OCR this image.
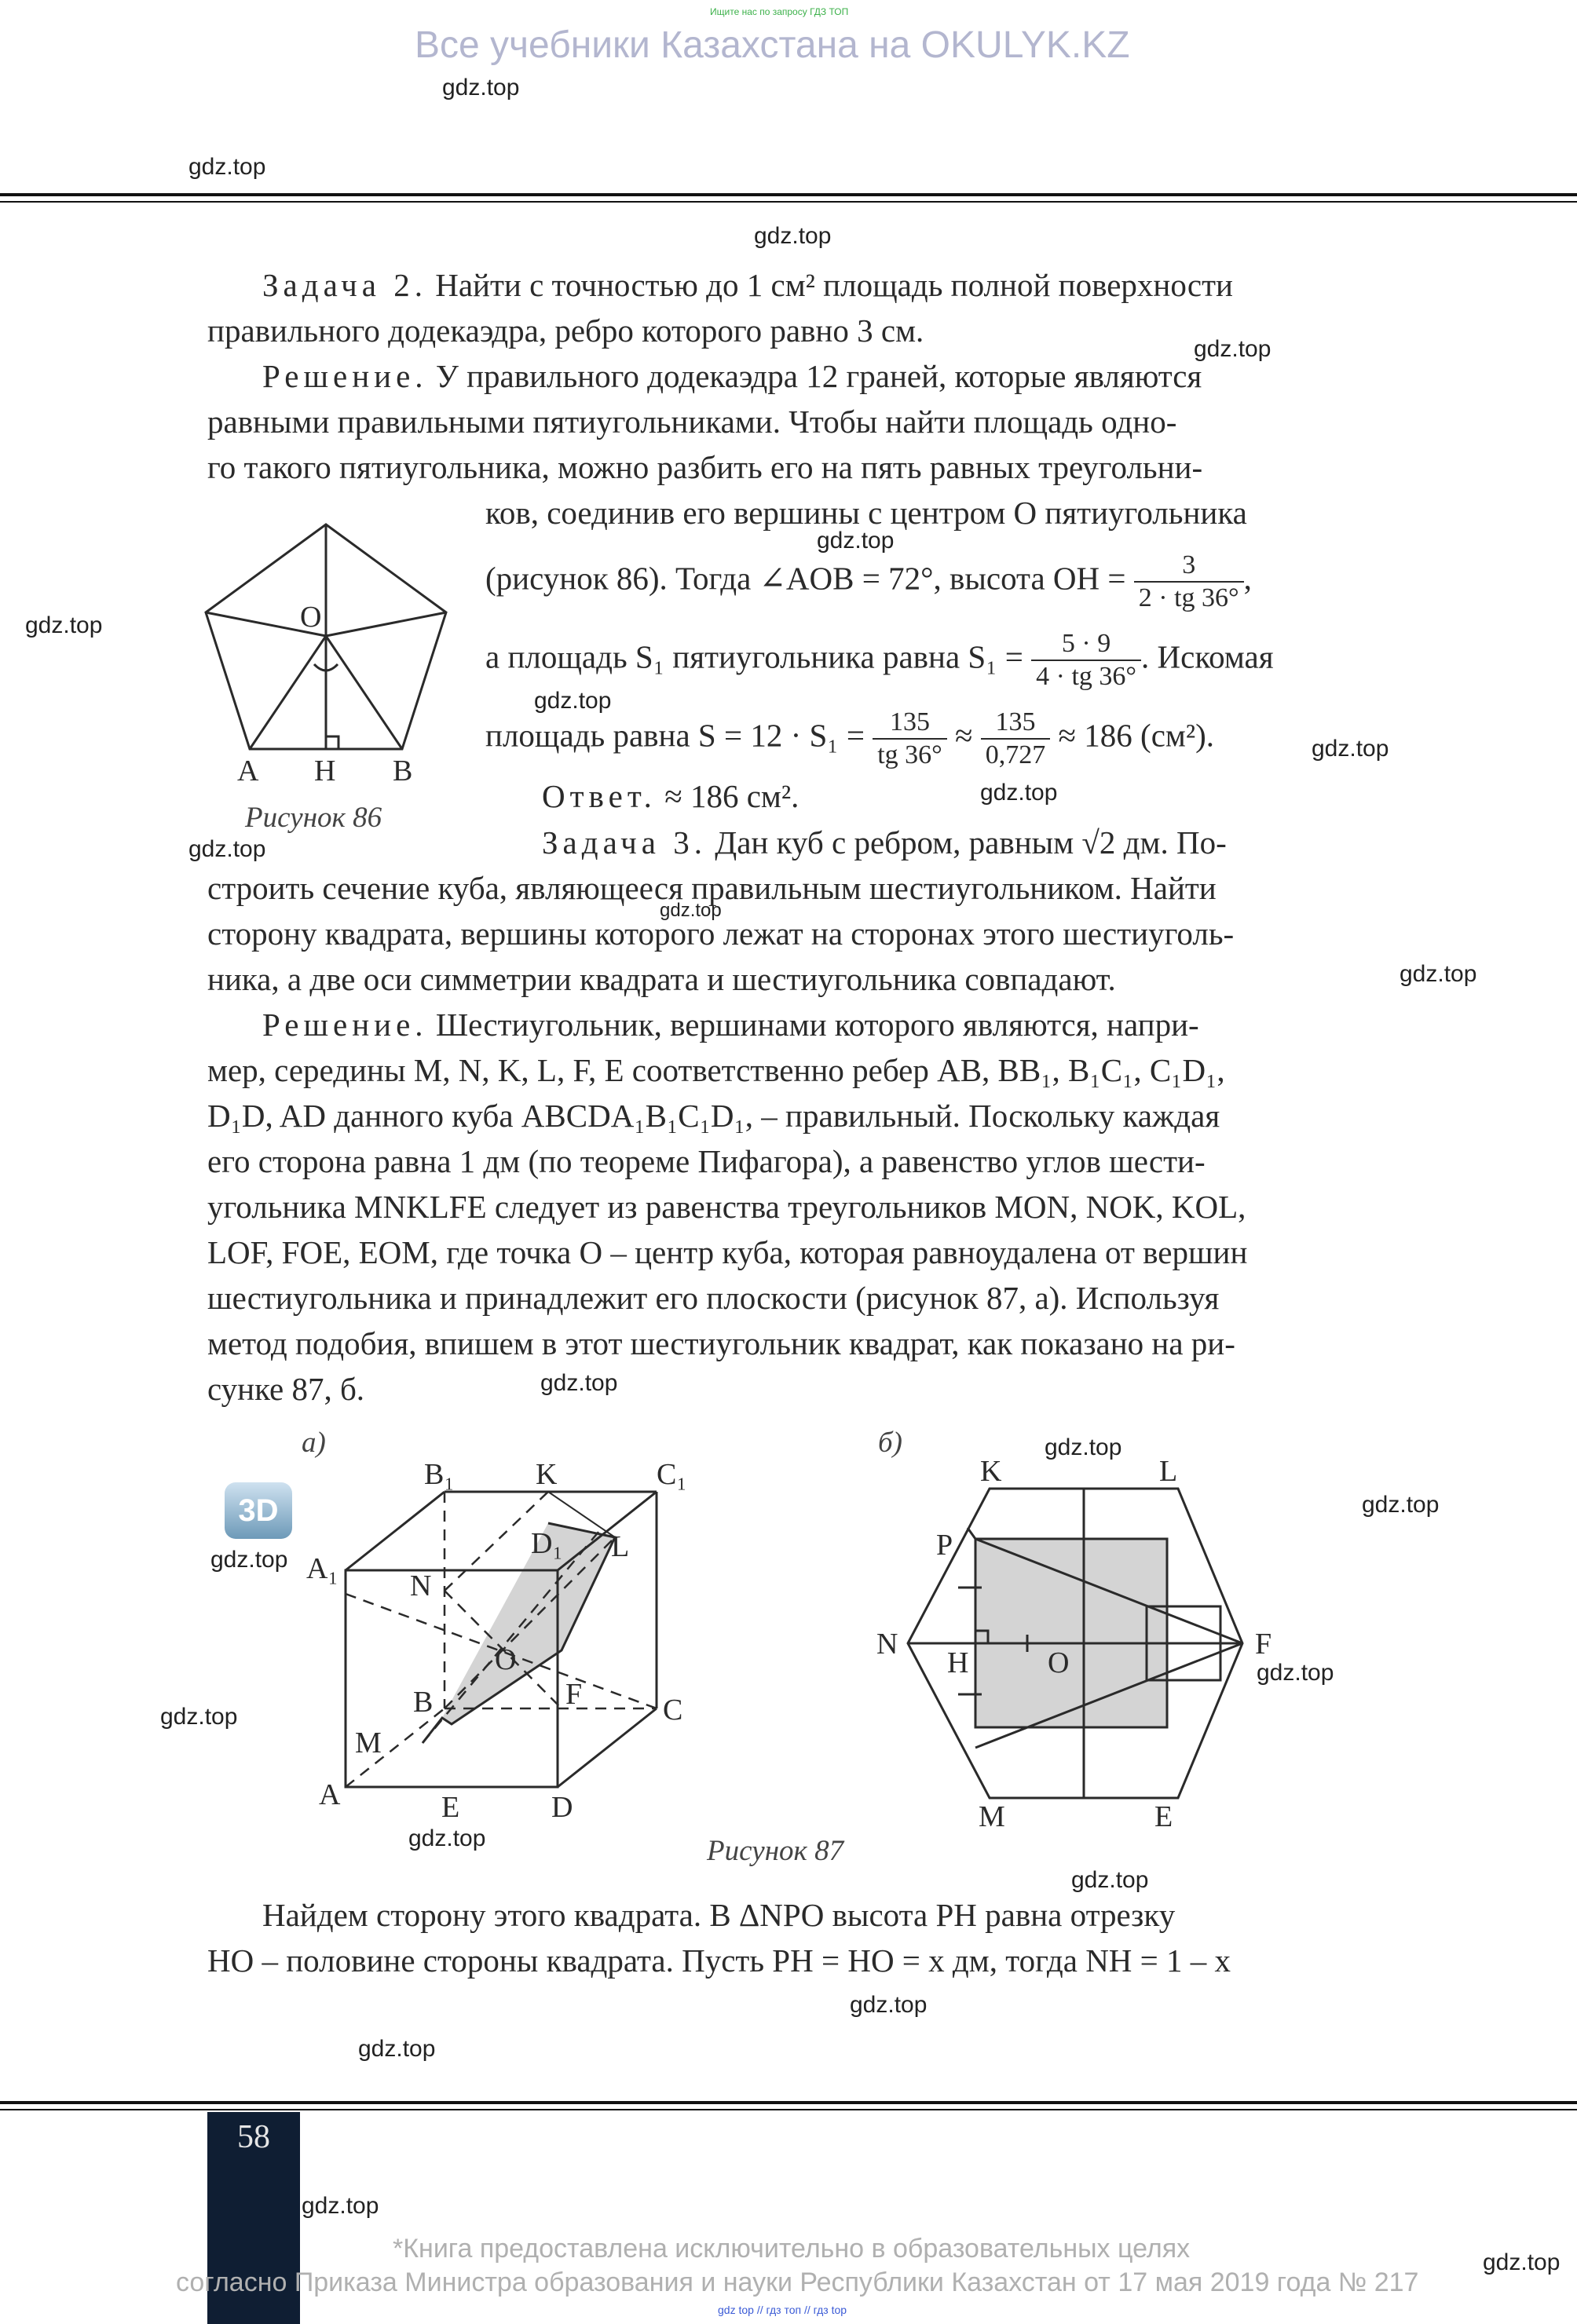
Ищите нас по запросу ГДЗ ТОП
Все учебники Казахстана на OKULYK.KZ
gdz.top
gdz.top
gdz.top
gdz.top
gdz.top
gdz.top
gdz.top
gdz.top
gdz.top
gdz.top
gdz.top
gdz.top
gdz.top
gdz.top
gdz.top
gdz.top
gdz.top
gdz.top
gdz.top
gdz.top
gdz.top
gdz.top
gdz.top
gdz.top
Задача 2. Найти с точностью до 1 см² площадь полной поверхности
правильного додекаэдра, ребро которого равно 3 см.
Решение. У правильного додекаэдра 12 граней, которые являются
равными правильными пятиугольниками. Чтобы найти площадь одно-
го такого пятиугольника, можно разбить его на пять равных треугольни-
ков, соединив его вершины с центром O пятиугольника
(рисунок 86). Тогда ∠AOB = 72°, высота OH = $\frac{3}{2 \cdot tg 36^\circ}$ ,
а площадь S₁ пятиугольника равна $S_1 = \frac{5 \cdot 9}{4 \cdot tg 36^\circ}$ . Искомая
площадь равна $S = 12 \cdot S_1 = \frac{135}{tg 36^\circ} \approx \frac{135}{0,727} \approx 186$ (см²).
Ответ. ≈ 186 см².
O
A H B
Рисунок 86
Задача 3. Дан куб с ребром, равным √2 дм. По-
строить сечение куба, являющееся правильным шестиугольником. Найти
сторону квадрата, вершины которого лежат на сторонах этого шестиуголь-
ника, а две оси симметрии квадрата и шестиугольника совпадают.
Решение. Шестиугольник, вершинами которого являются, напри-
мер, середины M, N, K, L, F, E соответственно ребер AB, BB₁, B₁C₁, C₁D₁,
D₁D, AD данного куба ABCDA₁B₁C₁D₁, – правильный. Поскольку каждая
его сторона равна 1 дм (по теореме Пифагора), а равенство углов шести-
угольника MNKLFE следует из равенства треугольников MON, NOK, KOL,
LOF, FOE, EOM, где точка O – центр куба, которая равноудалена от вершин
шестиугольника и принадлежит его плоскости (рисунок 87, а). Используя
метод подобия, впишем в этот шестиугольник квадрат, как показано на ри-
сунке 87, б.
а)	б)
3D
B₁	K	C₁
D₁ L
A₁
N
O
B	F	C
M
A	E	D
K	L
P
N
H	O
F
M	E
Рисунок 87
Найдем сторону этого квадрата. В ΔNPO высота PH равна отрезку
HO – половине стороны квадрата. Пусть PH = HO = x дм, тогда NH = 1 – x
58
*Книга предоставлена исключительно в образовательных целях
согласно Приказа Министра образования и науки Республики Казахстан от 17 мая 2019 года № 217
gdz top // гдз топ // гдз top
